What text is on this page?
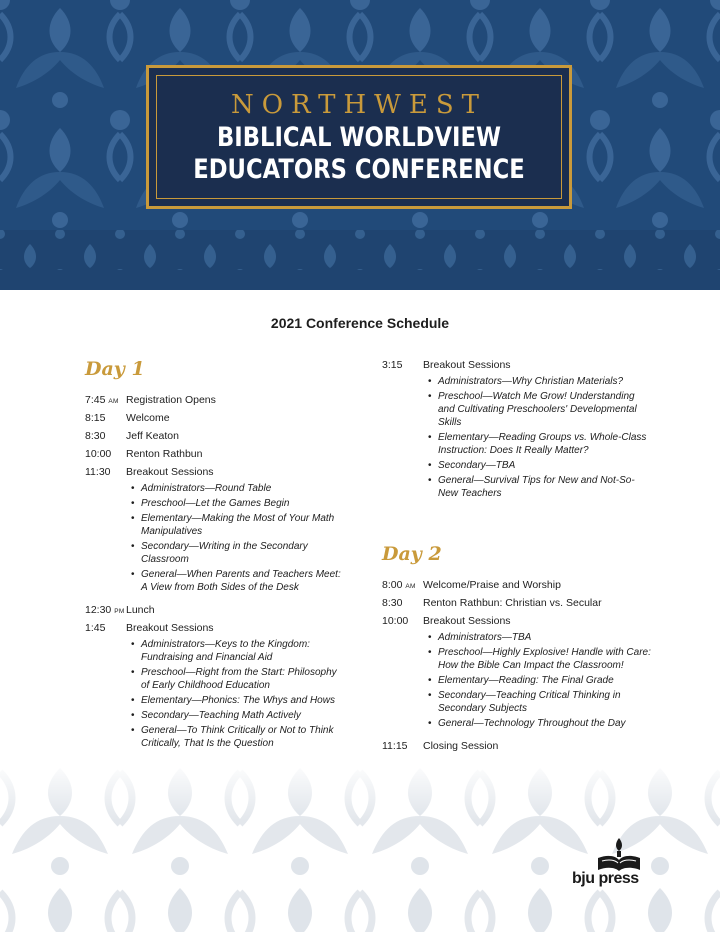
NORTHWEST
BIBLICAL WORLDVIEW
EDUCATORS CONFERENCE
2021 Conference Schedule
Day 1
7:45 AM Registration Opens
8:15 Welcome
8:30 Jeff Keaton
10:00 Renton Rathbun
11:30 Breakout Sessions
• Administrators—Round Table
• Preschool—Let the Games Begin
• Elementary—Making the Most of Your Math Manipulatives
• Secondary—Writing in the Secondary Classroom
• General—When Parents and Teachers Meet: A View from Both Sides of the Desk
12:30 PM Lunch
1:45 Breakout Sessions
• Administrators—Keys to the Kingdom: Fundraising and Financial Aid
• Preschool—Right from the Start: Philosophy of Early Childhood Education
• Elementary—Phonics: The Whys and Hows
• Secondary—Teaching Math Actively
• General—To Think Critically or Not to Think Critically, That Is the Question
3:15 Breakout Sessions
• Administrators—Why Christian Materials?
• Preschool—Watch Me Grow! Understanding and Cultivating Preschoolers' Developmental Skills
• Elementary—Reading Groups vs. Whole-Class Instruction: Does It Really Matter?
• Secondary—TBA
• General—Survival Tips for New and Not-So-New Teachers
Day 2
8:00 AM Welcome/Praise and Worship
8:30 Renton Rathbun: Christian vs. Secular
10:00 Breakout Sessions
• Administrators—TBA
• Preschool—Highly Explosive! Handle with Care: How the Bible Can Impact the Classroom!
• Elementary—Reading: The Final Grade
• Secondary—Teaching Critical Thinking in Secondary Subjects
• General—Technology Throughout the Day
11:15 Closing Session
bju press
